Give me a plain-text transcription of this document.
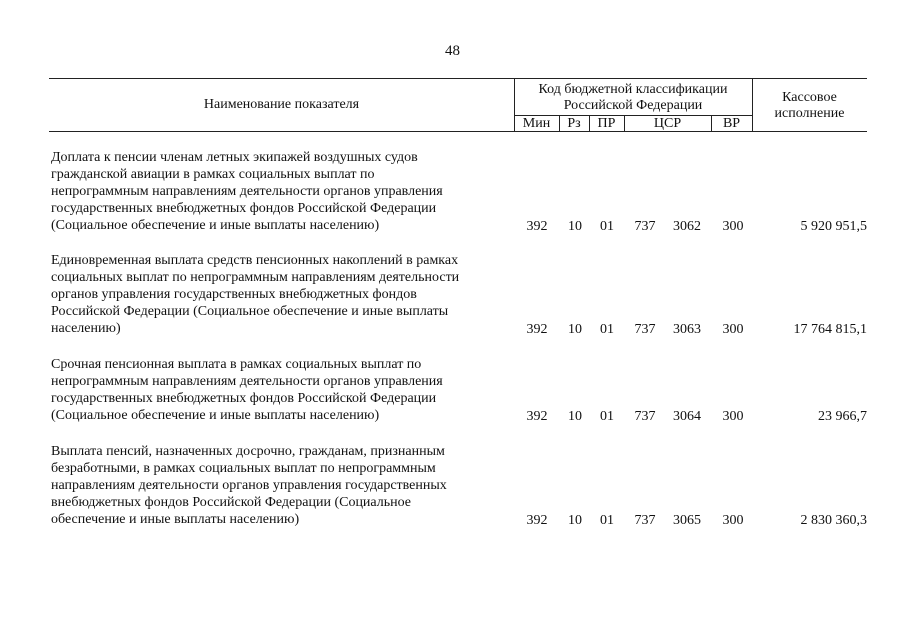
48
Наименование показателя
Код бюджетной классификации
Российской Федерации
Мин	Рз	ПР	ЦСР	ВР
Кассовое
исполнение
Доплата к пенсии членам летных экипажей воздушных судов
гражданской авиации в рамках социальных выплат по
непрограммным направлениям деятельности органов управления
государственных внебюджетных фондов Российской Федерации
(Социальное обеспечение и иные выплаты населению)	392	10	01	737	3062	300	5 920 951,5
Единовременная выплата средств пенсионных накоплений в рамках
социальных выплат по непрограммным направлениям деятельности
органов управления государственных внебюджетных фондов
Российской Федерации (Социальное обеспечение и иные выплаты
населению)	392	10	01	737	3063	300	17 764 815,1
Срочная пенсионная выплата в рамках социальных выплат по
непрограммным направлениям деятельности органов управления
государственных внебюджетных фондов Российской Федерации
(Социальное обеспечение и иные выплаты населению)	392	10	01	737	3064	300	23 966,7
Выплата пенсий, назначенных досрочно, гражданам, признанным
безработными, в рамках социальных выплат по непрограммным
направлениям деятельности органов управления государственных
внебюджетных фондов Российской Федерации (Социальное
обеспечение и иные выплаты населению)	392	10	01	737	3065	300	2 830 360,3
